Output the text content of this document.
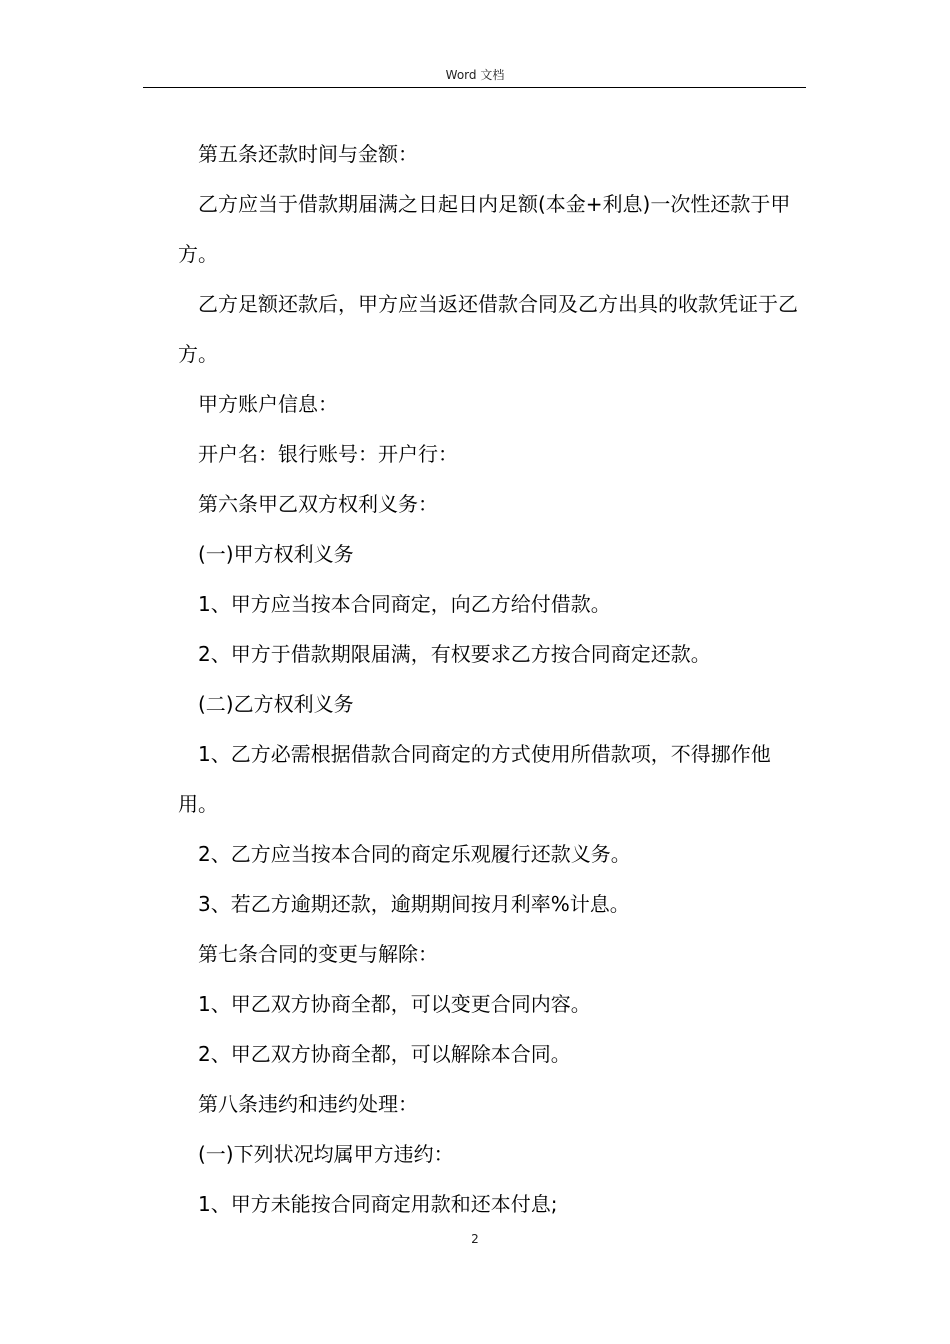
Word 文档

第五条还款时间与金额：

乙方应当于借款期届满之日起日内足额(本金+利息)一次性还款于甲方。

乙方足额还款后，甲方应当返还借款合同及乙方出具的收款凭证于乙方。

甲方账户信息：

开户名：银行账号：开户行：

第六条甲乙双方权利义务：

(一)甲方权利义务

1、甲方应当按本合同商定，向乙方给付借款。

2、甲方于借款期限届满，有权要求乙方按合同商定还款。

(二)乙方权利义务

1、乙方必需根据借款合同商定的方式使用所借款项，不得挪作他用。

2、乙方应当按本合同的商定乐观履行还款义务。

3、若乙方逾期还款，逾期期间按月利率%计息。

第七条合同的变更与解除：

1、甲乙双方协商全都，可以变更合同内容。

2、甲乙双方协商全都，可以解除本合同。

第八条违约和违约处理：

(一)下列状况均属甲方违约：

1、甲方未能按合同商定用款和还本付息;

2
